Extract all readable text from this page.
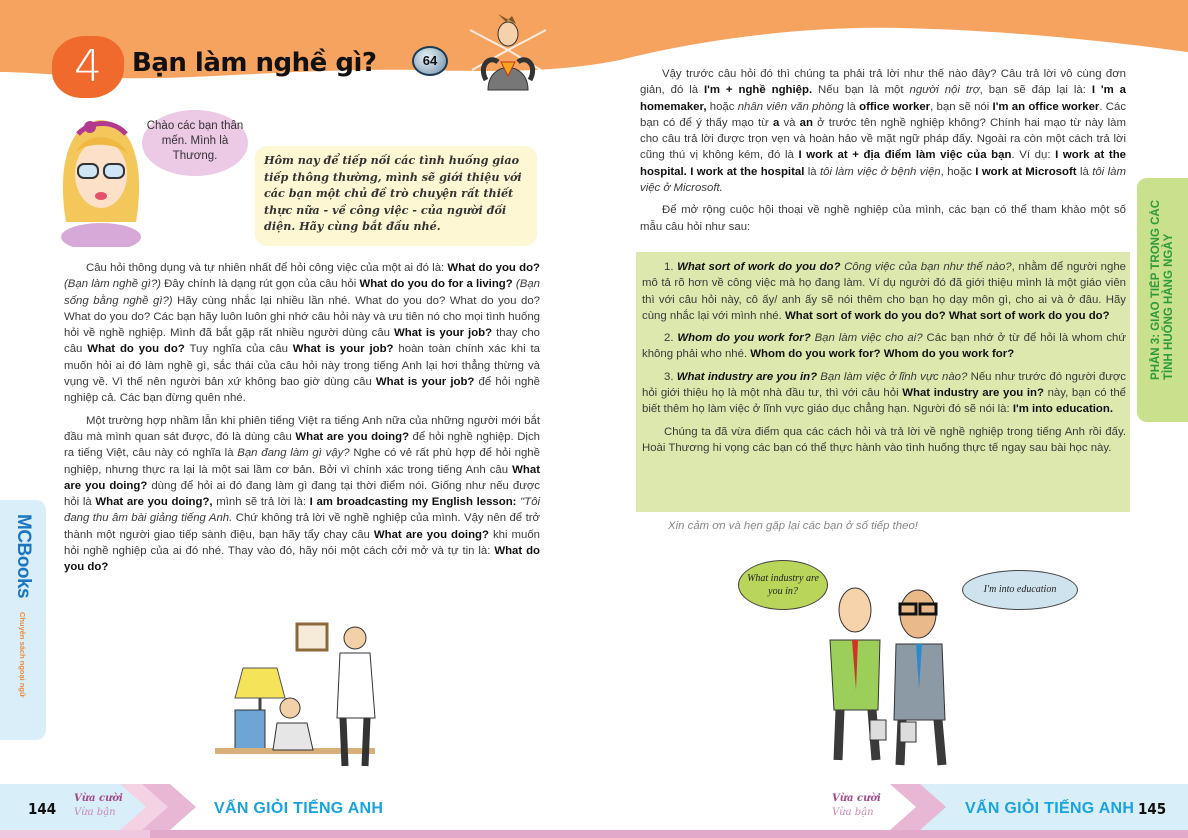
4	Bạn làm nghề gì?	64
Chào các bạn thân mến. Mình là Thương.	Hôm nay để tiếp nối các tình huống giao tiếp thông thường, mình sẽ giới thiệu với các bạn một chủ đề trò chuyện rất thiết thực nữa - về công việc - của người đối diện. Hãy cùng bắt đầu nhé.

Câu hỏi thông dụng và tự nhiên nhất để hỏi công việc của một ai đó là: What do you do? (Bạn làm nghề gì?) Đây chính là dạng rút gọn của câu hỏi What do you do for a living? (Bạn sống bằng nghề gì?) Hãy cùng nhắc lại nhiều lần nhé. What do you do? What do you do? What do you do? Các bạn hãy luôn luôn ghi nhớ câu hỏi này và ưu tiên nó cho mọi tình huống hỏi về nghề nghiệp. Mình đã bắt gặp rất nhiều người dùng câu What is your job? thay cho câu What do you do? Tuy nghĩa của câu What is your job? hoàn toàn chính xác khi ta muốn hỏi ai đó làm nghề gì, sắc thái của câu hỏi này trong tiếng Anh lại hơi thẳng thừng và vụng về. Vì thế nên người bản xứ không bao giờ dùng câu What is your job? để hỏi nghề nghiệp cả. Các bạn đừng quên nhé.

Một trường hợp nhầm lẫn khi phiên tiếng Việt ra tiếng Anh nữa của những người mới bắt đầu mà mình quan sát được, đó là dùng câu What are you doing? để hỏi nghề nghiệp. Dịch ra tiếng Việt, câu này có nghĩa là Bạn đang làm gì vậy? Nghe có vẻ rất phù hợp để hỏi nghề nghiệp, nhưng thực ra lại là một sai lầm cơ bản. Bởi vì chính xác trong tiếng Anh câu What are you doing? dùng để hỏi ai đó đang làm gì đang tại thời điểm nói. Giống như nếu được hỏi là What are you doing?, mình sẽ trả lời là: I am broadcasting my English lesson: "Tôi đang thu âm bài giảng tiếng Anh. Chứ không trả lời về nghề nghiệp của mình. Vậy nên để trở thành một người giao tiếp sành điệu, bạn hãy tẩy chay câu What are you doing? khi muốn hỏi nghề nghiệp của ai đó nhé. Thay vào đó, hãy nói một cách cởi mở và tự tin là: What do you do?

MCBooks
Chuyên sách ngoại ngữ

Vậy trước câu hỏi đó thì chúng ta phải trả lời như thế nào đây? Câu trả lời vô cùng đơn giản, đó là I'm + nghề nghiệp. Nếu bạn là một người nội trợ, bạn sẽ đáp lại là: I 'm a homemaker, hoặc nhân viên văn phòng là office worker, bạn sẽ nói I'm an office worker. Các bạn có để ý thấy mạo từ a và an ở trước tên nghề nghiệp không? Chính hai mạo từ này làm cho câu trả lời được trọn vẹn và hoàn hảo về mặt ngữ pháp đấy. Ngoài ra còn một cách trả lời cũng thú vị không kém, đó là I work at + địa điểm làm việc của bạn. Ví dụ: I work at the hospital. I work at the hospital là tôi làm việc ở bệnh viện, hoặc I work at Microsoft là tôi làm việc ở Microsoft.

Để mở rộng cuộc hội thoại về nghề nghiệp của mình, các bạn có thể tham khảo một số mẫu câu hỏi như sau:

1. What sort of work do you do? Công việc của bạn như thế nào?, nhằm để người nghe mô tả rõ hơn về công việc mà họ đang làm. Ví dụ người đó đã giới thiệu mình là một giáo viên thì với câu hỏi này, cô ấy/ anh ấy sẽ nói thêm cho bạn họ dạy môn gì, cho ai và ở đâu. Hãy cùng nhắc lại với mình nhé. What sort of work do you do? What sort of work do you do?

2. Whom do you work for? Bạn làm việc cho ai? Các bạn nhớ ở từ để hỏi là whom chứ không phải who nhé. Whom do you work for? Whom do you work for?

3. What industry are you in? Bạn làm việc ở lĩnh vực nào? Nếu như trước đó người được hỏi giới thiệu họ là một nhà đầu tư, thì với câu hỏi What industry are you in? này, bạn có thể biết thêm họ làm việc ở lĩnh vực giáo dục chẳng hạn. Người đó sẽ nói là: I'm into education.

Chúng ta đã vừa điểm qua các cách hỏi và trả lời về nghề nghiệp trong tiếng Anh rồi đấy. Hoài Thương hi vọng các bạn có thể thực hành vào tình huống thực tế ngay sau bài học này.

Xin cảm ơn và hẹn gặp lại các bạn ở số tiếp theo!
PHẦN 3: GIAO TIẾP TRONG CÁC
TÌNH HUỐNG HÀNG NGÀY
What industry are you in?	I'm into education
144
Vừa cười
Vừa bận	VẤN GIỎI TIẾNG ANH
Vừa cười
Vừa bận	VẤN GIỎI TIẾNG ANH 145
